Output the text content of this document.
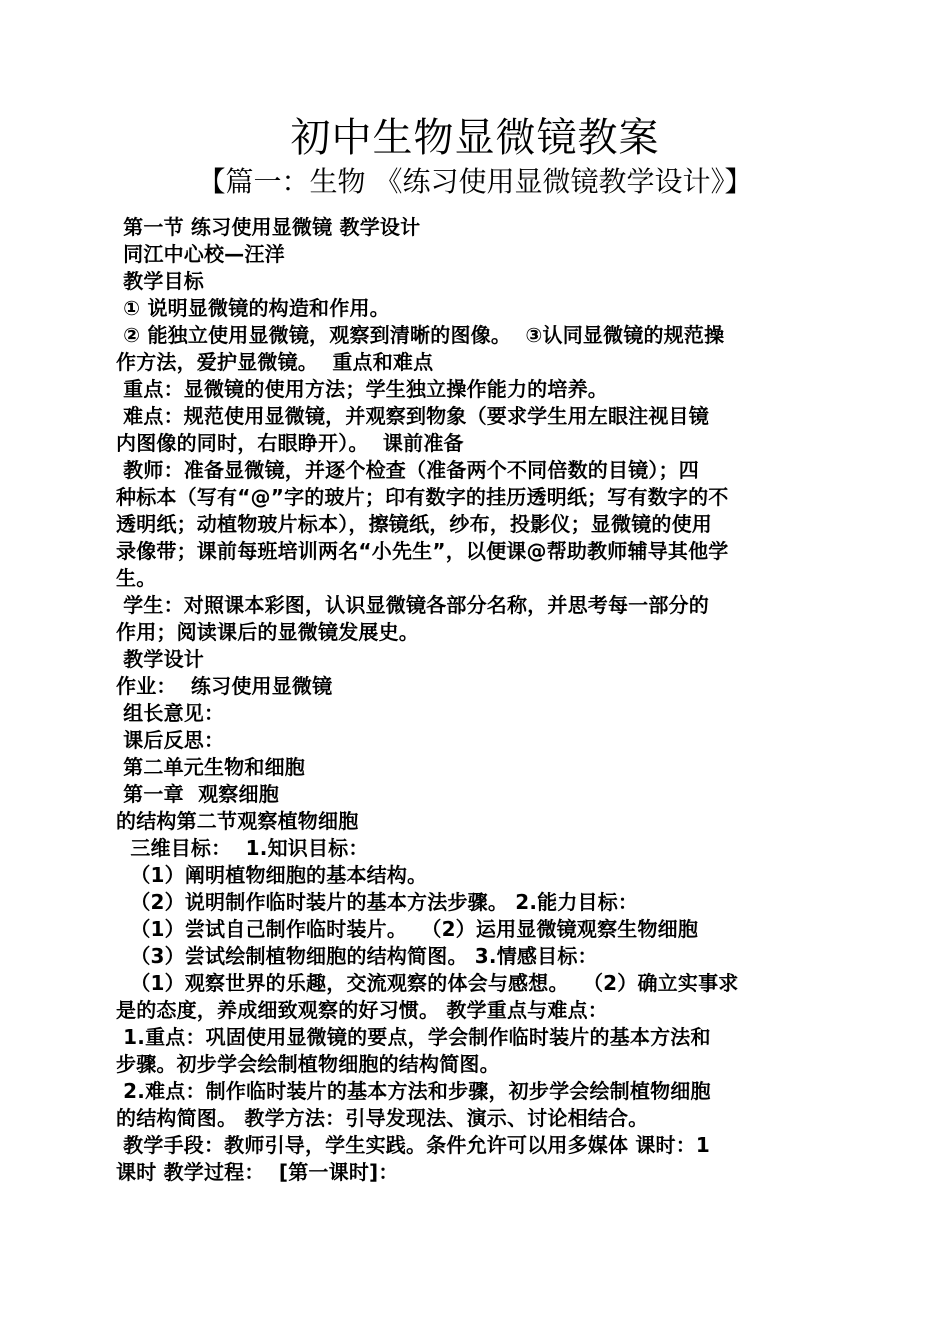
初中生物显微镜教案
【篇一：生物 《练习使用显微镜教学设计》】
第一节 练习使用显微镜 教学设计
同江中心校—汪洋
教学目标
① 说明显微镜的构造和作用。
② 能独立使用显微镜，观察到清晰的图像。  ③认同显微镜的规范操
作方法，爱护显微镜。  重点和难点
重点：显微镜的使用方法；学生独立操作能力的培养。
难点：规范使用显微镜，并观察到物象（要求学生用左眼注视目镜
内图像的同时，右眼睁开）。  课前准备
教师：准备显微镜，并逐个检查（准备两个不同倍数的目镜）；四
种标本（写有“@”字的玻片；印有数字的挂历透明纸；写有数字的不
透明纸；动植物玻片标本），擦镜纸，纱布，投影仪；显微镜的使用
录像带；课前每班培训两名“小先生”，以便课@帮助教师辅导其他学
生。
学生：对照课本彩图，认识显微镜各部分名称，并思考每一部分的
作用；阅读课后的显微镜发展史。
教学设计
作业：  练习使用显微镜
组长意见：
课后反思：
第二单元生物和细胞
第一章  观察细胞
的结构第二节观察植物细胞
三维目标：  1.知识目标：
（1）阐明植物细胞的基本结构。
（2）说明制作临时装片的基本方法步骤。 2.能力目标：
（1）尝试自己制作临时装片。  （2）运用显微镜观察生物细胞
（3）尝试绘制植物细胞的结构简图。 3.情感目标：
（1）观察世界的乐趣，交流观察的体会与感想。  （2）确立实事求
是的态度，养成细致观察的好习惯。 教学重点与难点：
1.重点：巩固使用显微镜的要点，学会制作临时装片的基本方法和
步骤。初步学会绘制植物细胞的结构简图。
2.难点：制作临时装片的基本方法和步骤，初步学会绘制植物细胞
的结构简图。 教学方法：引导发现法、演示、讨论相结合。
教学手段：教师引导，学生实践。条件允许可以用多媒体 课时：1
课时 教学过程：  [第一课时]：
